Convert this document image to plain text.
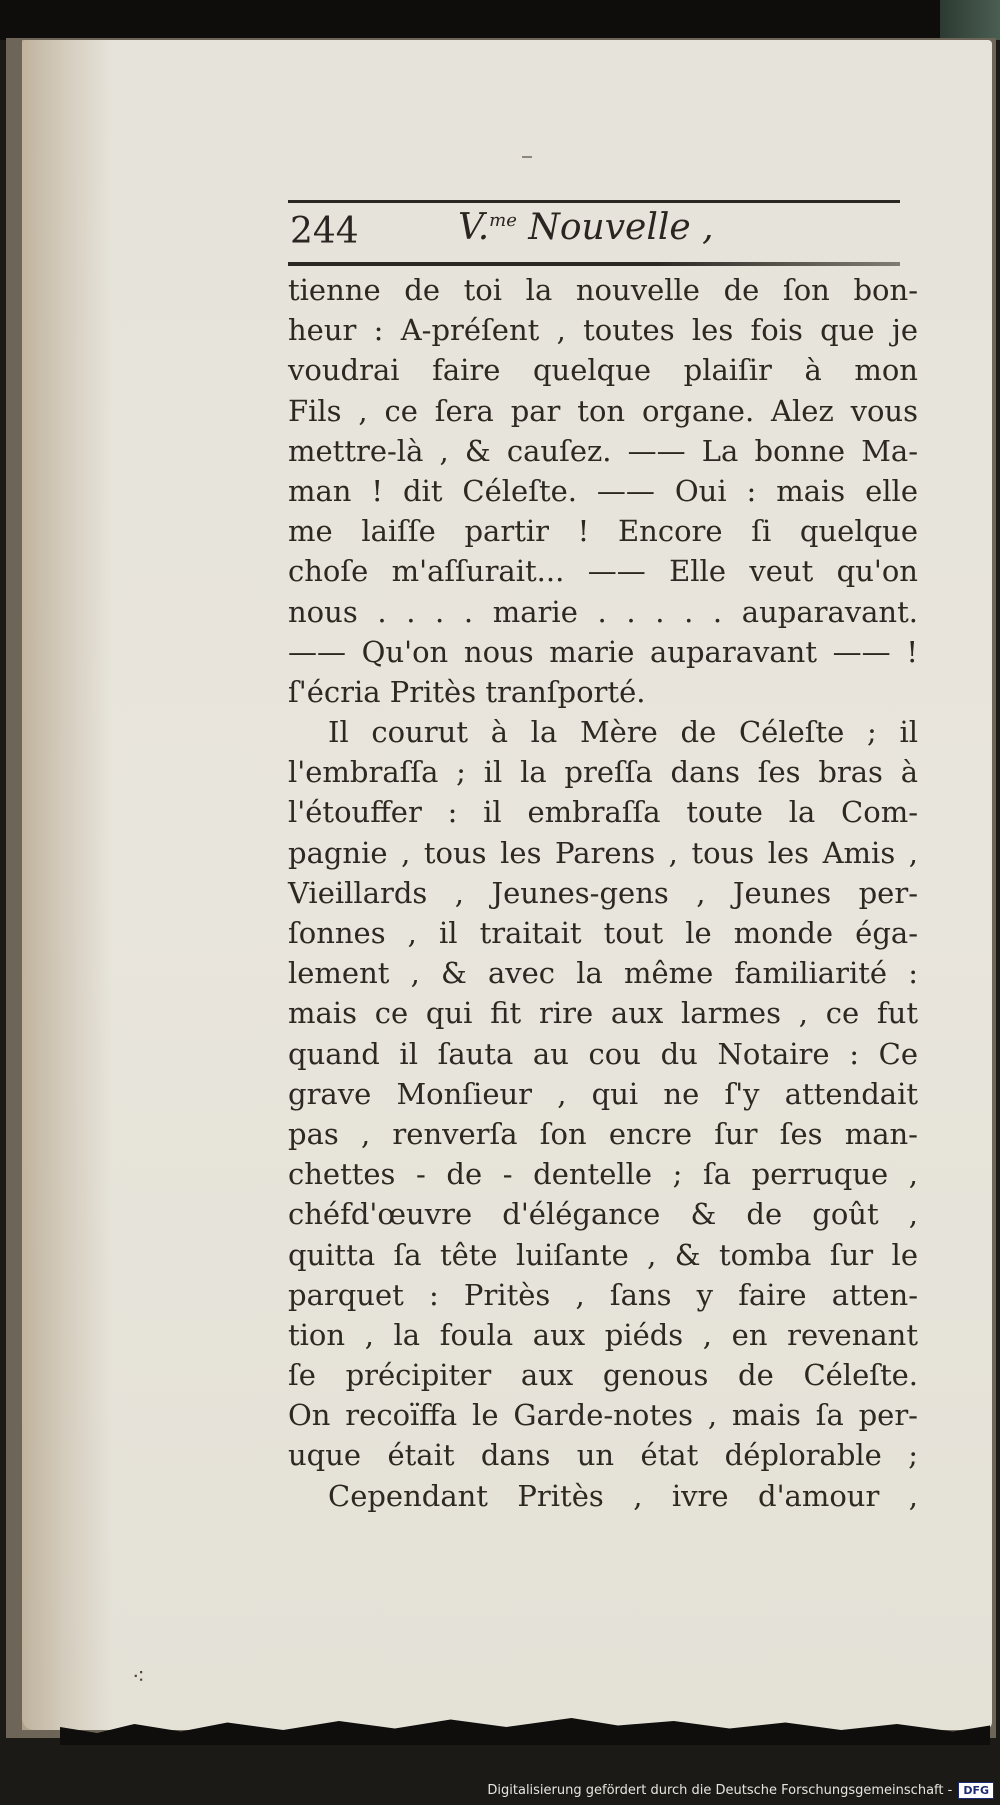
244	V.$^{me}$ Nouvelle ,
tienne de toi la nouvelle de ſon bon-
heur : A-préſent , toutes les fois que je
voudrai faire quelque plaiſir à mon
Fils , ce ſera par ton organe. Alez vous
mettre-là , & cauſez. —— La bonne Ma-
man ! dit Céleſte. —— Oui : mais elle
me laiſſe partir ! Encore ſi quelque
choſe m'aſſurait... —— Elle veut qu'on
nous . . . . marie . . . . . auparavant.
—— Qu'on nous marie auparavant —— !
ſ'écria Pritès tranſporté.
Il courut à la Mère de Céleſte ; il
l'embraſſa ; il la preſſa dans ſes bras à
l'étouffer : il embraſſa toute la Com-
pagnie , tous les Parens , tous les Amis ,
Vieillards , Jeunes-gens , Jeunes per-
ſonnes , il traitait tout le monde éga-
lement , & avec la même familiarité :
mais ce qui fit rire aux larmes , ce fut
quand il ſauta au cou du Notaire : Ce
grave Monſieur , qui ne ſ'y attendait
pas , renverſa ſon encre ſur ſes man-
chettes - de - dentelle ; ſa perruque ,
chéfd'œuvre d'élégance & de goût ,
quitta ſa tête luiſante , & tomba ſur le
parquet : Pritès , ſans y faire atten-
tion , la foula aux piéds , en revenant
ſe précipiter aux genous de Céleſte.
On recoïffa le Garde-notes , mais ſa per-
uque était dans un état déplorable ;
Cependant Pritès , ivre d'amour ,
⁖
Digitalisierung gefördert durch die Deutsche Forschungsgemeinschaft -	DFG
